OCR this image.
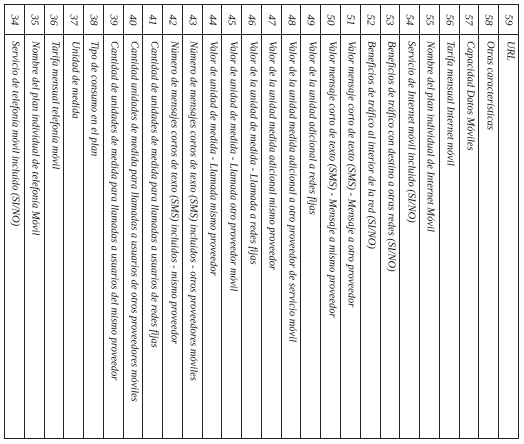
34
Servicio de telefonía móvil incluido (SI/NO)
35
Nombre del plan individual de telefonía Móvil
36
Tarifa mensual telefonía móvil
37
Unidad de medida
38
Tipo de consumo en el plan
39
Cantidad de unidades de medida para llamadas a usuarios del mismo proveedor
40
Cantidad unidades de medida para llamadas a usuarios de otros proveedores móviles
41
Cantidad de unidades de medida para llamadas a usuarios de redes fijas
42
Número de mensajes cortos de texto (SMS) incluidos - mismo proveedor
43
Número de mensajes cortos de texto (SMS) incluidos - otros proveedores móviles
44
Valor de unidad de medida - Llamada mismo proveedor
45
Valor de unidad de medida - Llamada otro proveedor móvil
46
Valor de la unidad de medida - Llamada a redes fijas
47
Valor de la unidad medida adicional mismo proveedor
48
Valor de la unidad medida adicional a otro proveedor de servicio móvil
49
Valor de la unidad adicional a redes fijas
50
Valor mensaje corto de texto (SMS) - Mensaje a mismo proveedor
51
Valor mensaje corto de texto (SMS) - Mensaje a otro proveedor
52
Beneficios de tráfico al interior de la red (SI/NO)
53
Beneficios de tráfico con destino a otras redes (SI/NO)
54
Servicio de Internet móvil incluido (SI/NO)
55
Nombre del plan individual de Internet Móvil
56
Tarifa mensual Internet móvil
57
Capacidad Datos Móviles
58
Otras características
59
URL
